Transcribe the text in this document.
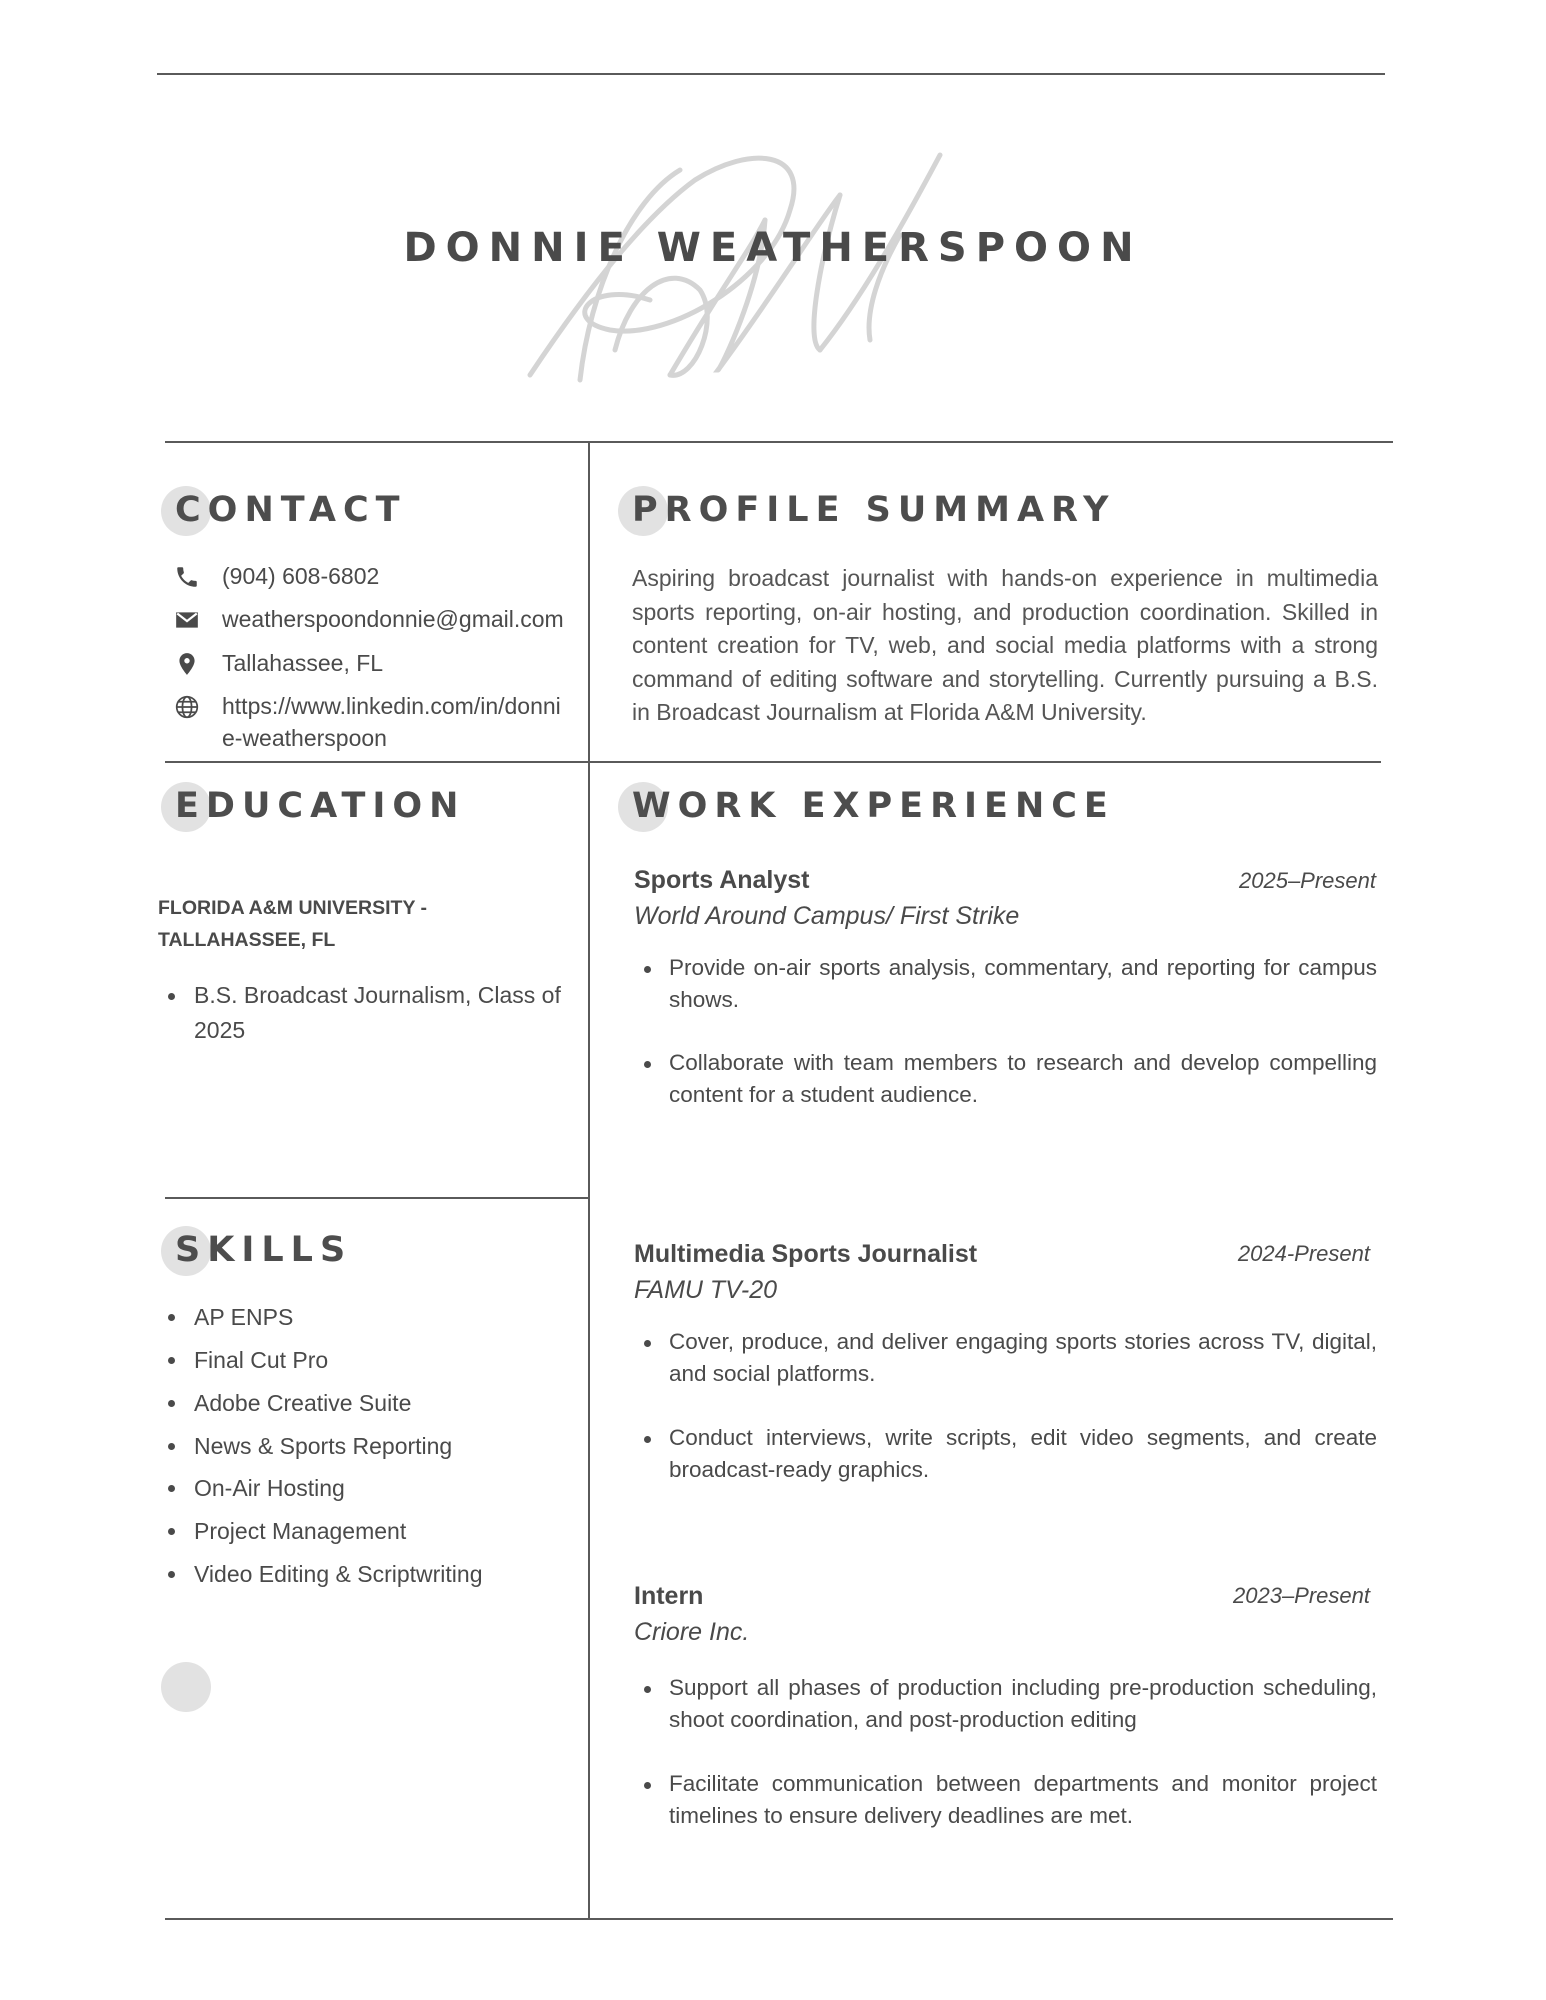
DONNIE WEATHERSPOON
CONTACT
(904) 608-6802
weatherspoondonnie@gmail.com
Tallahassee, FL
https://www.linkedin.com/in/donnie-weatherspoon
PROFILE SUMMARY
Aspiring broadcast journalist with hands-on experience in multimedia sports reporting, on-air hosting, and production coordination. Skilled in content creation for TV, web, and social media platforms with a strong command of editing software and storytelling. Currently pursuing a B.S. in Broadcast Journalism at Florida A&M University.
EDUCATION
FLORIDA A&M UNIVERSITY - TALLAHASSEE, FL
B.S. Broadcast Journalism, Class of 2025
WORK EXPERIENCE
Sports Analyst	2025–Present
World Around Campus/ First Strike
Provide on-air sports analysis, commentary, and reporting for campus shows.
Collaborate with team members to research and develop compelling content for a student audience.
SKILLS
AP ENPS
Final Cut Pro
Adobe Creative Suite
News & Sports Reporting
On-Air Hosting
Project Management
Video Editing & Scriptwriting
Multimedia Sports Journalist	2024-Present
FAMU TV-20
Cover, produce, and deliver engaging sports stories across TV, digital, and social platforms.
Conduct interviews, write scripts, edit video segments, and create broadcast-ready graphics.
Intern	2023–Present
Criore Inc.
Support all phases of production including pre-production scheduling, shoot coordination, and post-production editing
Facilitate communication between departments and monitor project timelines to ensure delivery deadlines are met.
